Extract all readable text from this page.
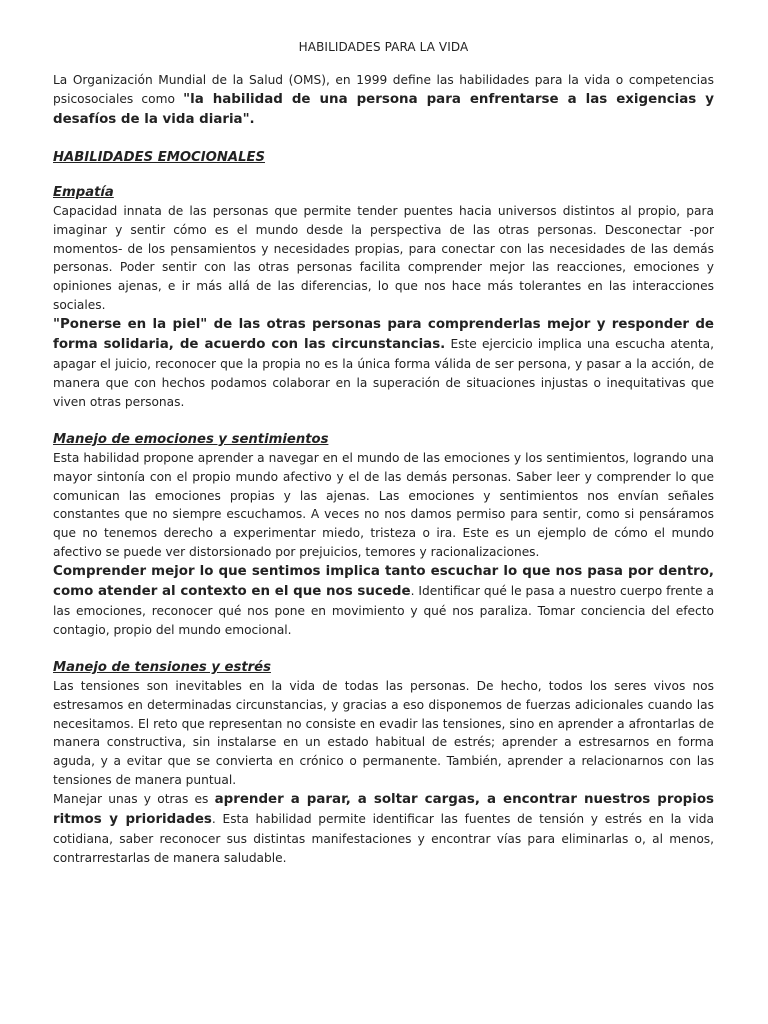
HABILIDADES PARA LA VIDA

La Organización Mundial de la Salud (OMS), en 1999 define las habilidades para la vida o competencias psicosociales como "la habilidad de una persona para enfrentarse a las exigencias y desafíos de la vida diaria".

HABILIDADES EMOCIONALES
Empatía

Capacidad innata de las personas que permite tender puentes hacia universos distintos al propio, para imaginar y sentir cómo es el mundo desde la perspectiva de las otras personas. Desconectar -por momentos- de los pensamientos y necesidades propias, para conectar con las necesidades de las demás personas. Poder sentir con las otras personas facilita comprender mejor las reacciones, emociones y opiniones ajenas, e ir más allá de las diferencias, lo que nos hace más tolerantes en las interacciones sociales.

"Ponerse en la piel" de las otras personas para comprenderlas mejor y responder de forma solidaria, de acuerdo con las circunstancias. Este ejercicio implica una escucha atenta, apagar el juicio, reconocer que la propia no es la única forma válida de ser persona, y pasar a la acción, de manera que con hechos podamos colaborar en la superación de situaciones injustas o inequitativas que viven otras personas.

Manejo de emociones y sentimientos

Esta habilidad propone aprender a navegar en el mundo de las emociones y los sentimientos, logrando una mayor sintonía con el propio mundo afectivo y el de las demás personas. Saber leer y comprender lo que comunican las emociones propias y las ajenas. Las emociones y sentimientos nos envían señales constantes que no siempre escuchamos. A veces no nos damos permiso para sentir, como si pensáramos que no tenemos derecho a experimentar miedo, tristeza o ira. Este es un ejemplo de cómo el mundo afectivo se puede ver distorsionado por prejuicios, temores y racionalizaciones.

Comprender mejor lo que sentimos implica tanto escuchar lo que nos pasa por dentro, como atender al contexto en el que nos sucede. Identificar qué le pasa a nuestro cuerpo frente a las emociones, reconocer qué nos pone en movimiento y qué nos paraliza. Tomar conciencia del efecto contagio, propio del mundo emocional.

Manejo de tensiones y estrés

Las tensiones son inevitables en la vida de todas las personas. De hecho, todos los seres vivos nos estresamos en determinadas circunstancias, y gracias a eso disponemos de fuerzas adicionales cuando las necesitamos. El reto que representan no consiste en evadir las tensiones, sino en aprender a afrontarlas de manera constructiva, sin instalarse en un estado habitual de estrés; aprender a estresarnos en forma aguda, y a evitar que se convierta en crónico o permanente. También, aprender a relacionarnos con las tensiones de manera puntual.

Manejar unas y otras es aprender a parar, a soltar cargas, a encontrar nuestros propios ritmos y prioridades. Esta habilidad permite identificar las fuentes de tensión y estrés en la vida cotidiana, saber reconocer sus distintas manifestaciones y encontrar vías para eliminarlas o, al menos, contrarrestarlas de manera saludable.
